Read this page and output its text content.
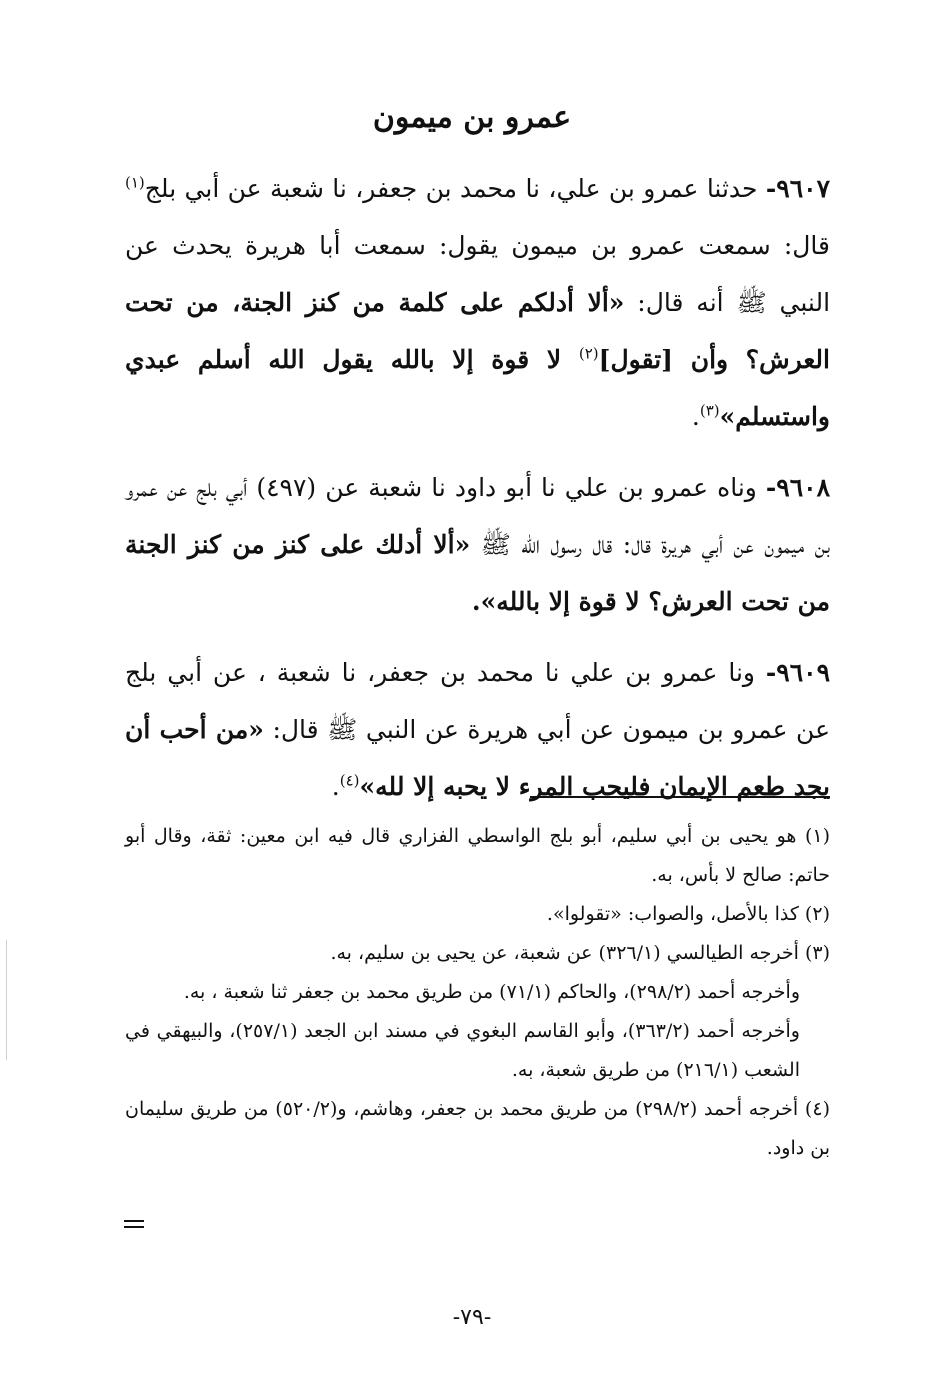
عمرو بن ميمون

٩٦٠٧- حدثنا عمرو بن علي، نا محمد بن جعفر، نا شعبة عن أبي بلج$^{(١)}$ قال: سمعت عمرو بن ميمون يقول: سمعت أبا هريرة يحدث عن النبي ﷺ أنه قال: «ألا أدلكم على كلمة من كنز الجنة، من تحت العرش؟ وأن [تقول]$^{(٢)}$ لا قوة إلا بالله يقول الله أسلم عبدي واستسلم»$^{(٣)}$.

٩٦٠٨- وناه عمرو بن علي نا أبو داود نا شعبة عن (٤٩٧) أبي بلج عن عمرو بن ميمون عن أبي هريرة قال: قال رسول الله ﷺ «ألا أدلك على كنز من كنز الجنة من تحت العرش؟ لا قوة إلا بالله».

٩٦٠٩- ونا عمرو بن علي نا محمد بن جعفر، نا شعبة ، عن أبي بلج عن عمرو بن ميمون عن أبي هريرة عن النبي ﷺ قال: «من أحب أن يجد طعم الإيمان فليحب المرء لا يحبه إلا لله»$^{(٤)}$.

(١) هو يحيى بن أبي سليم، أبو بلج الواسطي الفزاري قال فيه ابن معين: ثقة، وقال أبو حاتم: صالح لا بأس، به.

(٢) كذا بالأصل، والصواب: «تقولوا».

(٣) أخرجه الطيالسي (٣٢٦/١) عن شعبة، عن يحيى بن سليم، به.

وأخرجه أحمد (٢٩٨/٢)، والحاكم (٧١/١) من طريق محمد بن جعفر ثنا شعبة ، به.

وأخرجه أحمد (٣٦٣/٢)، وأبو القاسم البغوي في مسند ابن الجعد (٢٥٧/١)، والبيهقي في الشعب (٢١٦/١) من طريق شعبة، به.

(٤) أخرجه أحمد (٢٩٨/٢) من طريق محمد بن جعفر، وهاشم، و(٥٢٠/٢) من طريق سليمان بن داود.

-٧٩-
